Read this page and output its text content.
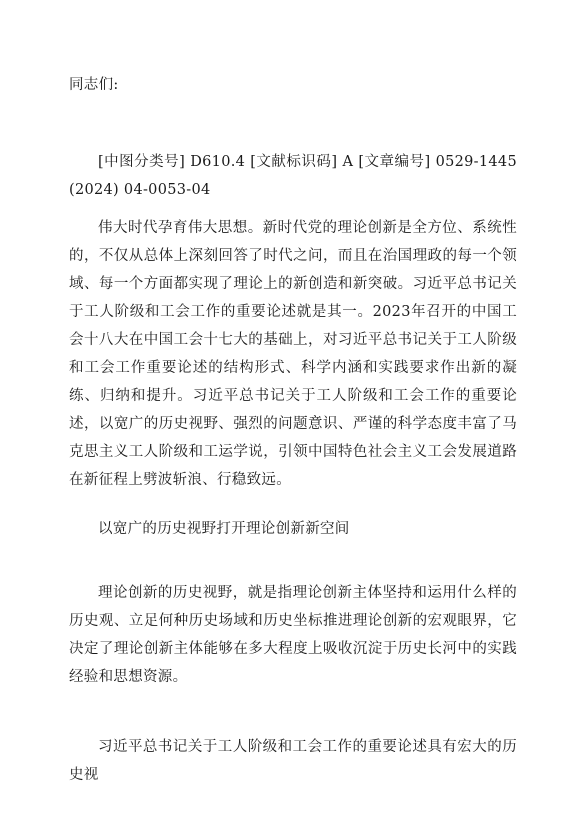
同志们:

[中图分类号] D610.4 [文献标识码] A [文章编号] 0529-1445 (2024) 04-0053-04

伟大时代孕育伟大思想。新时代党的理论创新是全方位、系统性的，不仅从总体上深刻回答了时代之问，而且在治国理政的每一个领域、每一个方面都实现了理论上的新创造和新突破。习近平总书记关于工人阶级和工会工作的重要论述就是其一。2023年召开的中国工会十八大在中国工会十七大的基础上，对习近平总书记关于工人阶级和工会工作重要论述的结构形式、科学内涵和实践要求作出新的凝练、归纳和提升。习近平总书记关于工人阶级和工会工作的重要论述，以宽广的历史视野、强烈的问题意识、严谨的科学态度丰富了马克思主义工人阶级和工运学说，引领中国特色社会主义工会发展道路在新征程上劈波斩浪、行稳致远。

以宽广的历史视野打开理论创新新空间

理论创新的历史视野，就是指理论创新主体坚持和运用什么样的历史观、立足何种历史场域和历史坐标推进理论创新的宏观眼界，它决定了理论创新主体能够在多大程度上吸收沉淀于历史长河中的实践经验和思想资源。

习近平总书记关于工人阶级和工会工作的重要论述具有宏大的历史视
